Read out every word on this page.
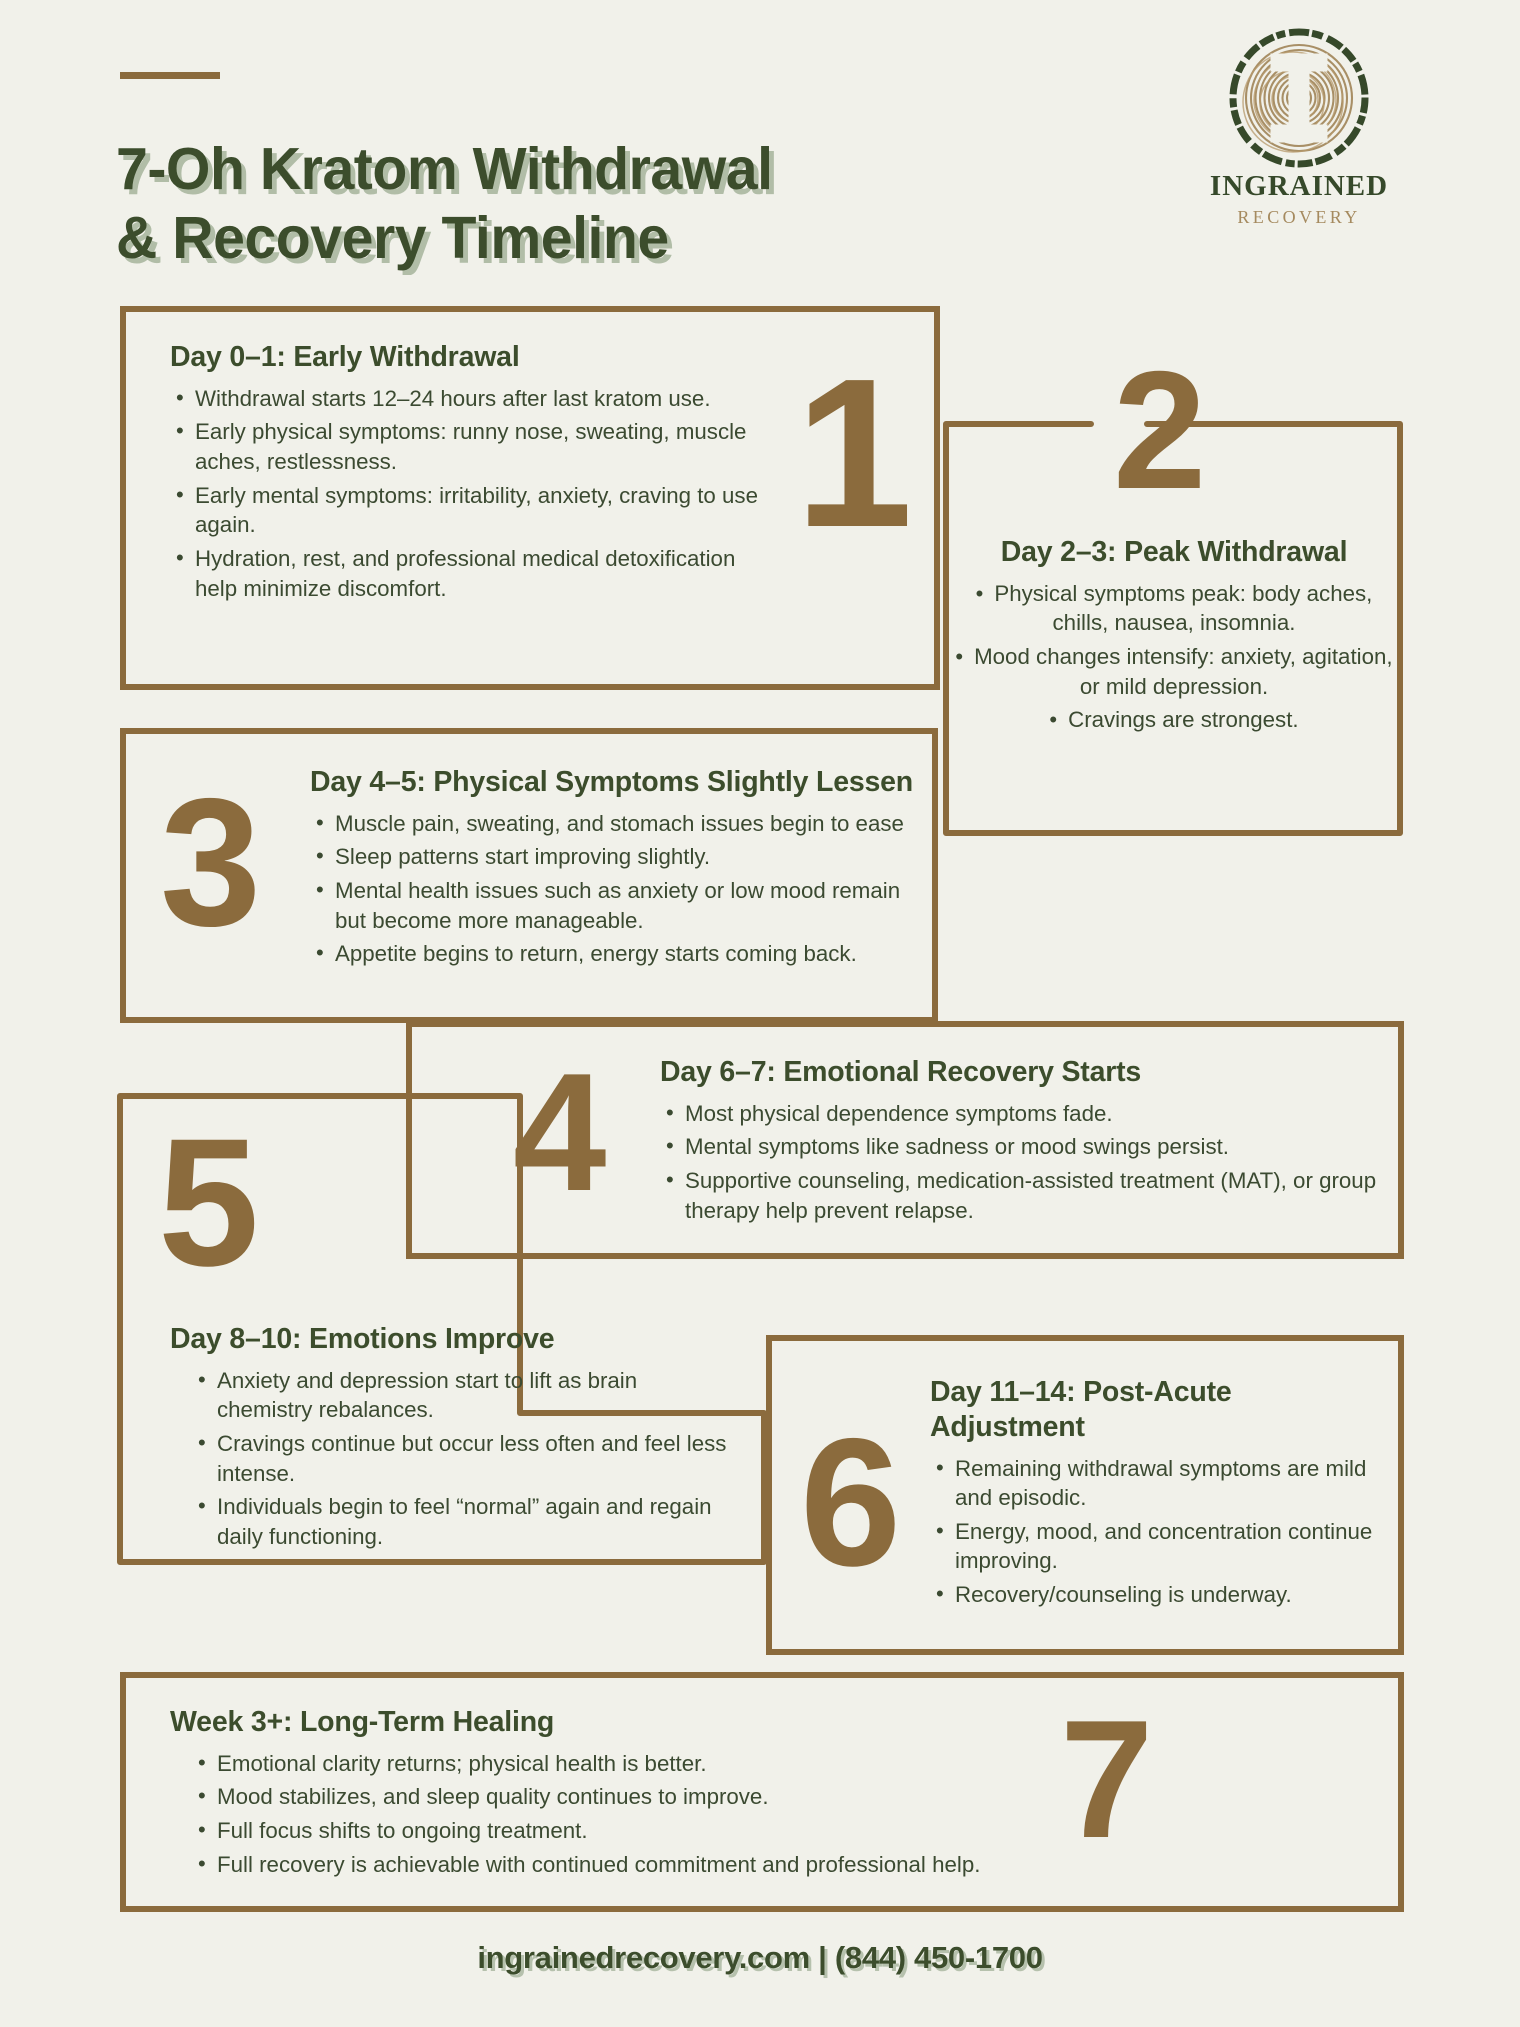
7-Oh Kratom Withdrawal
& Recovery Timeline
INGRAINED
RECOVERY
1
Day 0–1: Early Withdrawal
• Withdrawal starts 12–24 hours after last kratom use.
• Early physical symptoms: runny nose, sweating, muscle aches, restlessness.
• Early mental symptoms: irritability, anxiety, craving to use again.
• Hydration, rest, and professional medical detoxification help minimize discomfort.
2
Day 2–3: Peak Withdrawal
• Physical symptoms peak: body aches, chills, nausea, insomnia.
• Mood changes intensify: anxiety, agitation, or mild depression.
• Cravings are strongest.
3 Day 4–5: Physical Symptoms Slightly Lessen
• Muscle pain, sweating, and stomach issues begin to ease
• Sleep patterns start improving slightly.
• Mental health issues such as anxiety or low mood remain but become more manageable.
• Appetite begins to return, energy starts coming back.
4 Day 6–7: Emotional Recovery Starts
• Most physical dependence symptoms fade.
• Mental symptoms like sadness or mood swings persist.
• Supportive counseling, medication-assisted treatment (MAT), or group therapy help prevent relapse.
5
Day 8–10: Emotions Improve
• Anxiety and depression start to lift as brain chemistry rebalances.
• Cravings continue but occur less often and feel less intense.
• Individuals begin to feel “normal” again and regain daily functioning.	6
Day 11–14: Post-Acute Adjustment
• Remaining withdrawal symptoms are mild and episodic.
• Energy, mood, and concentration continue improving.
• Recovery/counseling is underway.
7
Week 3+: Long-Term Healing
• Emotional clarity returns; physical health is better.
• Mood stabilizes, and sleep quality continues to improve.
• Full focus shifts to ongoing treatment.
• Full recovery is achievable with continued commitment and professional help.
ingrainedrecovery.com | (844) 450-1700
